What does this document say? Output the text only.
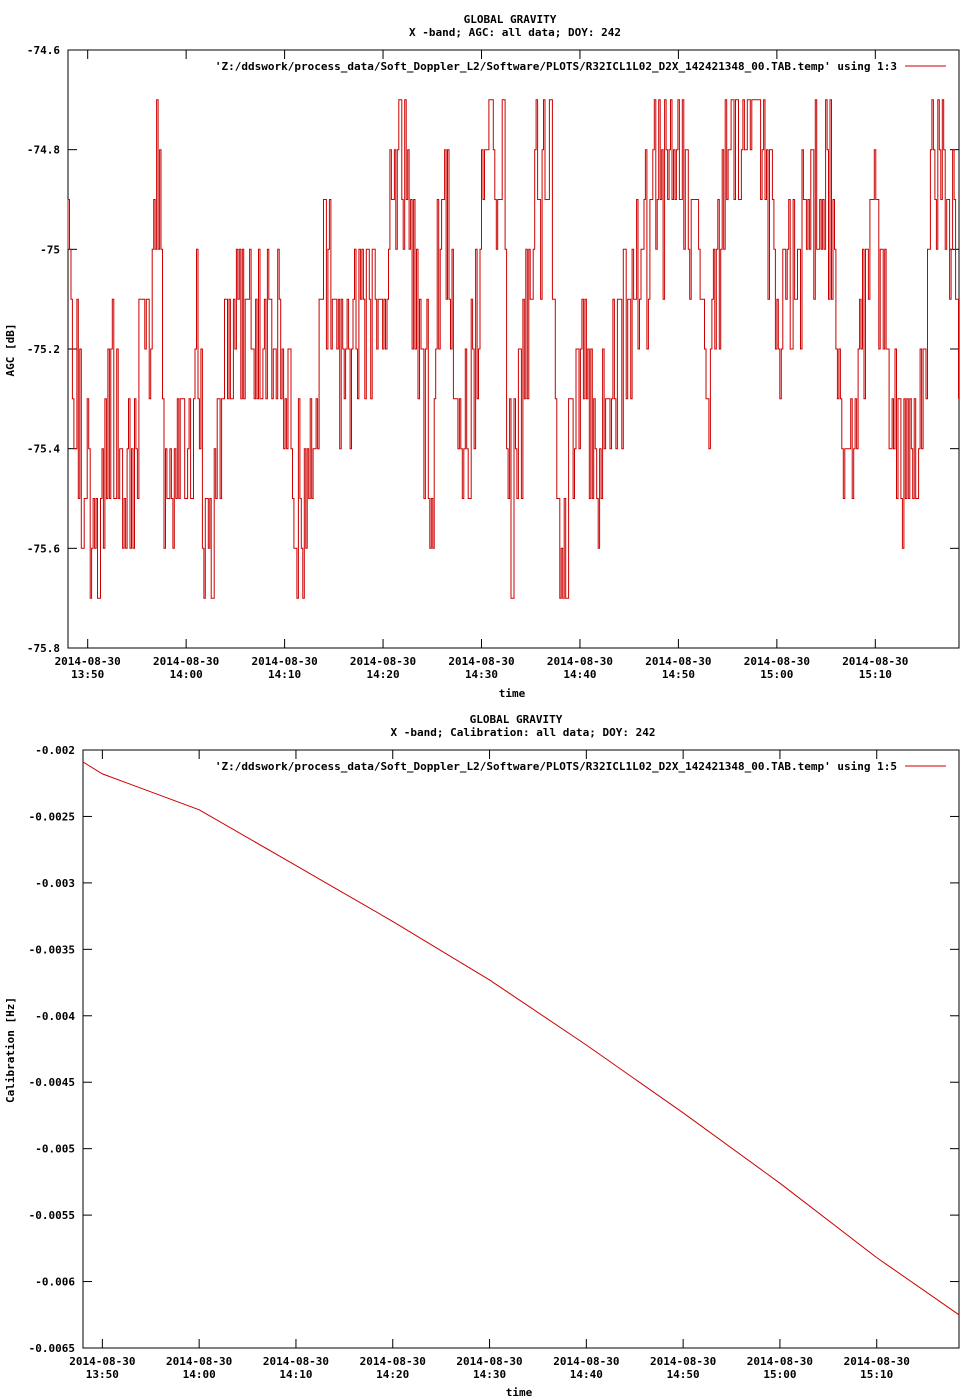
GLOBAL GRAVITY
X -band; AGC: all data; DOY: 242
AGC [dB]
time
'Z:/ddswork/process_data/Soft_Doppler_L2/Software/PLOTS/R32ICL1L02_D2X_142421348_00.TAB.temp' using 1:3
-74.6
-74.8
-75
-75.2
-75.4
-75.6
-75.8
2014-08-30
13:50
2014-08-30
14:00
2014-08-30
14:10
2014-08-30
14:20
2014-08-30
14:30
2014-08-30
14:40
2014-08-30
14:50
2014-08-30
15:00
2014-08-30
15:10
GLOBAL GRAVITY
X -band; Calibration: all data; DOY: 242
Calibration [Hz]
time
'Z:/ddswork/process_data/Soft_Doppler_L2/Software/PLOTS/R32ICL1L02_D2X_142421348_00.TAB.temp' using 1:5
-0.002
-0.0025
-0.003
-0.0035
-0.004
-0.0045
-0.005
-0.0055
-0.006
-0.0065
2014-08-30
13:50
2014-08-30
14:00
2014-08-30
14:10
2014-08-30
14:20
2014-08-30
14:30
2014-08-30
14:40
2014-08-30
14:50
2014-08-30
15:00
2014-08-30
15:10
